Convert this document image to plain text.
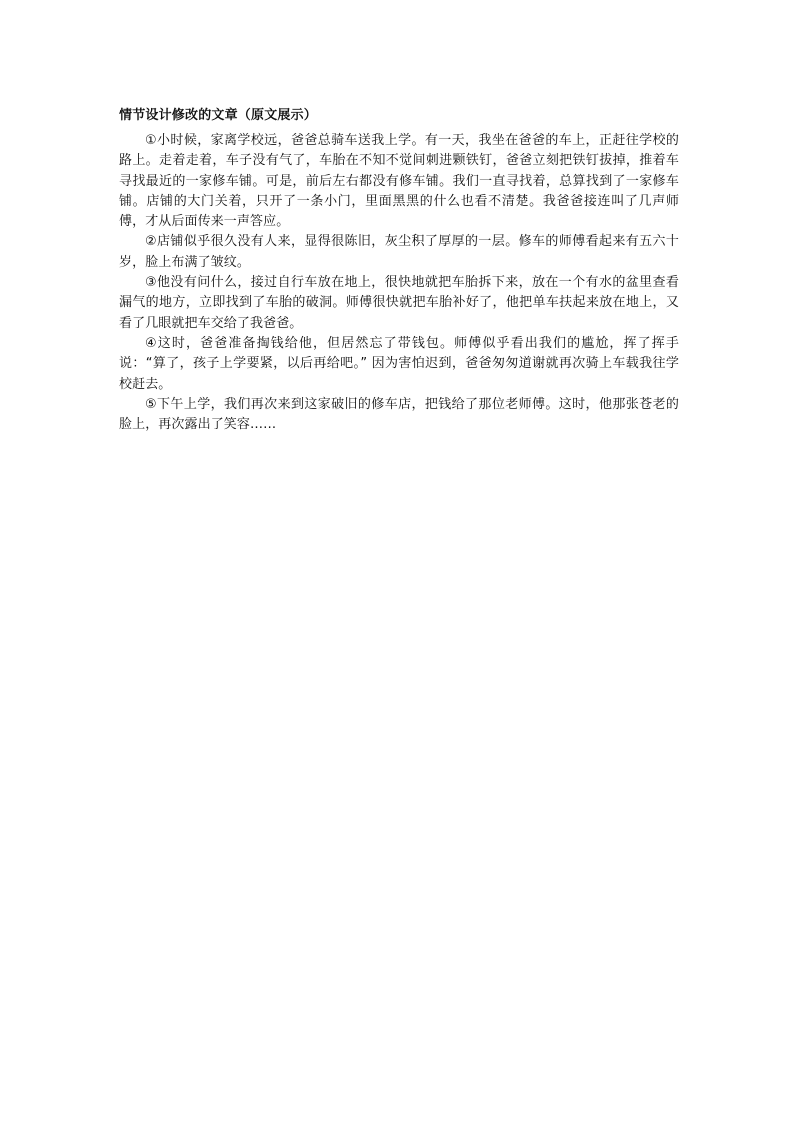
情节设计修改的文章（原文展示）

①小时候，家离学校远，爸爸总骑车送我上学。有一天，我坐在爸爸的车上，正赶往学校的路上。走着走着，车子没有气了，车胎在不知不觉间刺进颗铁钉，爸爸立刻把铁钉拔掉，推着车寻找最近的一家修车铺。可是，前后左右都没有修车铺。我们一直寻找着，总算找到了一家修车铺。店铺的大门关着，只开了一条小门，里面黑黑的什么也看不清楚。我爸爸接连叫了几声师傅，才从后面传来一声答应。

②店铺似乎很久没有人来，显得很陈旧，灰尘积了厚厚的一层。修车的师傅看起来有五六十岁，脸上布满了皱纹。

③他没有问什么，接过自行车放在地上，很快地就把车胎拆下来，放在一个有水的盆里查看漏气的地方，立即找到了车胎的破洞。师傅很快就把车胎补好了，他把单车扶起来放在地上，又看了几眼就把车交给了我爸爸。

④这时，爸爸准备掏钱给他，但居然忘了带钱包。师傅似乎看出我们的尴尬，挥了挥手说：“算了，孩子上学要紧，以后再给吧。” 因为害怕迟到，爸爸匆匆道谢就再次骑上车载我往学校赶去。

⑤下午上学，我们再次来到这家破旧的修车店，把钱给了那位老师傅。这时，他那张苍老的脸上，再次露出了笑容……
